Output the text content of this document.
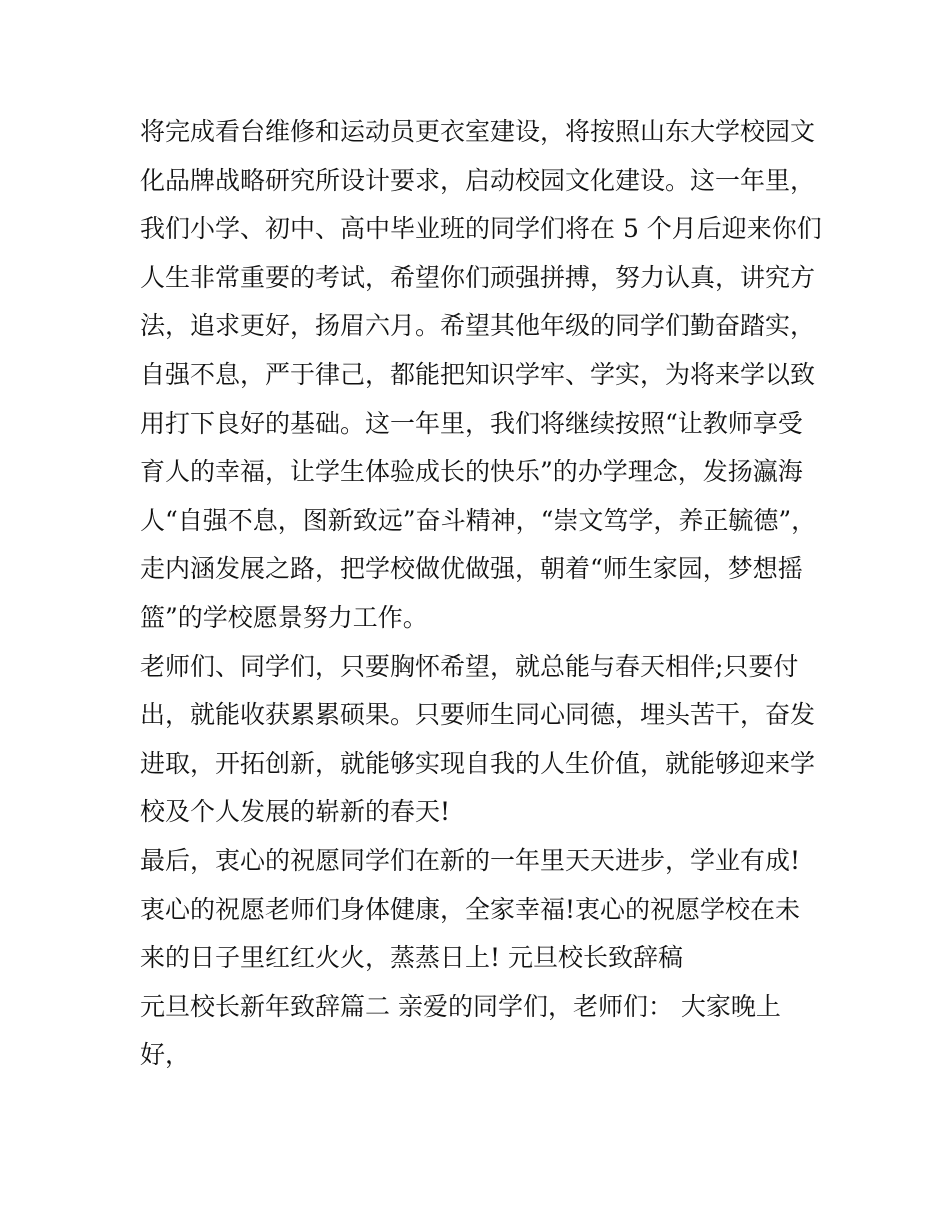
将完成看台维修和运动员更衣室建设，将按照山东大学校园文
化品牌战略研究所设计要求，启动校园文化建设。这一年里，
我们小学、初中、高中毕业班的同学们将在 5 个月后迎来你们
人生非常重要的考试，希望你们顽强拼搏，努力认真，讲究方
法，追求更好，扬眉六月。希望其他年级的同学们勤奋踏实，
自强不息，严于律己，都能把知识学牢、学实，为将来学以致
用打下良好的基础。这一年里，我们将继续按照“让教师享受
育人的幸福，让学生体验成长的快乐”的办学理念，发扬瀛海
人“自强不息，图新致远”奋斗精神，“崇文笃学，养正毓德”，
走内涵发展之路，把学校做优做强，朝着“师生家园，梦想摇
篮”的学校愿景努力工作。
老师们、同学们，只要胸怀希望，就总能与春天相伴;只要付
出，就能收获累累硕果。只要师生同心同德，埋头苦干，奋发
进取，开拓创新，就能够实现自我的人生价值，就能够迎来学
校及个人发展的崭新的春天!
最后，衷心的祝愿同学们在新的一年里天天进步，学业有成!
衷心的祝愿老师们身体健康，全家幸福!衷心的祝愿学校在未
来的日子里红红火火，蒸蒸日上! 元旦校长致辞稿
元旦校长新年致辞篇二 亲爱的同学们，老师们： 大家晚上
好，
